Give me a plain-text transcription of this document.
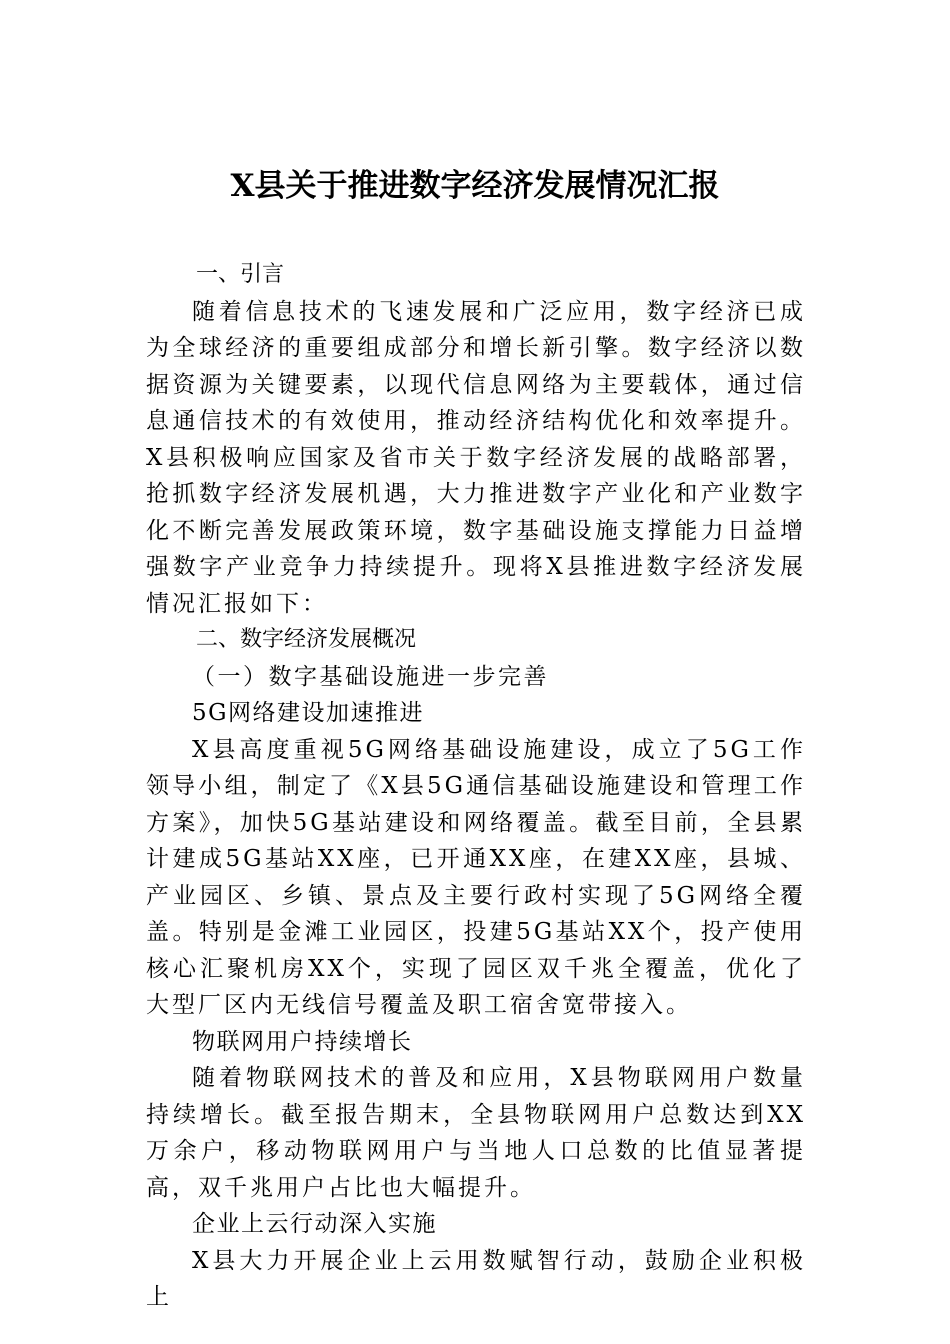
X县关于推进数字经济发展情况汇报

一、引言

随着信息技术的飞速发展和广泛应用，数字经济已成为全球经济的重要组成部分和增长新引擎。数字经济以数据资源为关键要素，以现代信息网络为主要载体，通过信息通信技术的有效使用，推动经济结构优化和效率提升。X县积极响应国家及省市关于数字经济发展的战略部署，抢抓数字经济发展机遇，大力推进数字产业化和产业数字化不断完善发展政策环境，数字基础设施支撑能力日益增强数字产业竞争力持续提升。现将X县推进数字经济发展情况汇报如下：

二、数字经济发展概况

（一）数字基础设施进一步完善

5G网络建设加速推进

X县高度重视5G网络基础设施建设，成立了5G工作领导小组，制定了《X县5G通信基础设施建设和管理工作方案》，加快5G基站建设和网络覆盖。截至目前，全县累计建成5G基站XX座，已开通XX座，在建XX座，县城、产业园区、乡镇、景点及主要行政村实现了5G网络全覆盖。特别是金滩工业园区，投建5G基站XX个，投产使用核心汇聚机房XX个，实现了园区双千兆全覆盖，优化了大型厂区内无线信号覆盖及职工宿舍宽带接入。

物联网用户持续增长

随着物联网技术的普及和应用，X县物联网用户数量持续增长。截至报告期末，全县物联网用户总数达到XX万余户，移动物联网用户与当地人口总数的比值显著提高，双千兆用户占比也大幅提升。

企业上云行动深入实施

X县大力开展企业上云用数赋智行动，鼓励企业积极上
